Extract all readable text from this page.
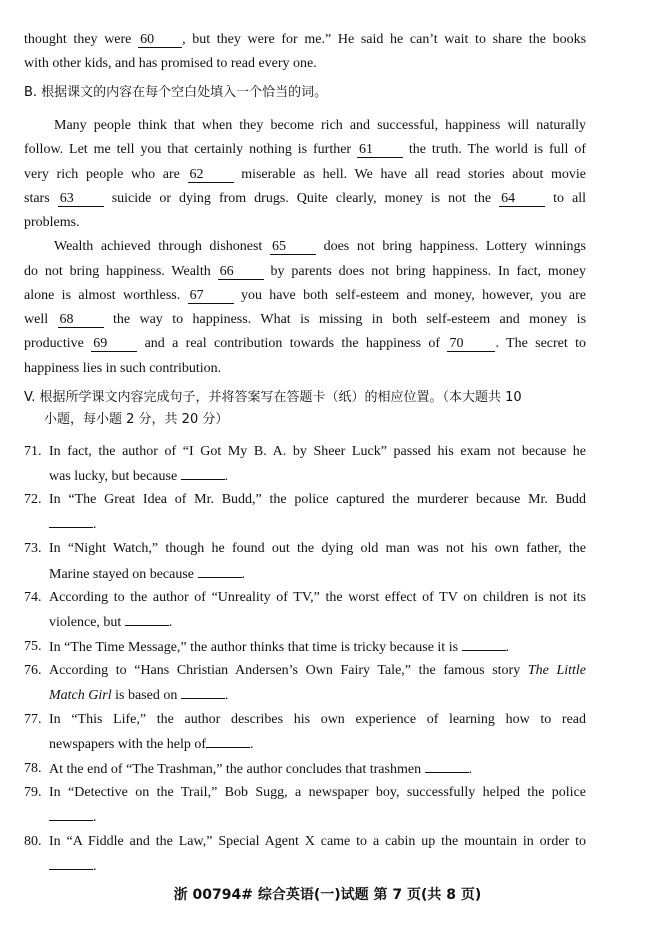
thought they were 60 , but they were for me.” He said he can’t wait to share the books
with other kids, and has promised to read every one.
B. 根据课文的内容在每个空白处填入一个恰当的词。
Many people think that when they become rich and successful, happiness will naturally
follow. Let me tell you that certainly nothing is further 61	the truth. The world is full of
very rich people who are 62	miserable as hell. We have all read stories about movie
stars 63	suicide or dying from drugs. Quite clearly, money is not the 64	to all
problems.
Wealth achieved through dishonest 65	does not bring happiness. Lottery winnings
do not bring happiness. Wealth 66	by parents does not bring happiness. In fact, money
alone is almost worthless. 67	you have both self-esteem and money, however, you are
well 68	the way to happiness. What is missing in both self-esteem and money is
productive 69	and a real contribution towards the happiness of 70 . The secret to
happiness lies in such contribution.
V. 根据所学课文内容完成句子，并将答案写在答题卡（纸）的相应位置。（本大题共 10
小题，每小题 2 分，共 20 分）
71. In fact, the author of “I Got My B. A. by Sheer Luck” passed his exam not because he
was lucky, but because	.
72. In “The Great Idea of Mr. Budd,” the police captured the murderer because Mr. Budd
.
73. In “Night Watch,” though he found out the dying old man was not his own father, the
Marine stayed on because	.
74. According to the author of “Unreality of TV,” the worst effect of TV on children is not its
violence, but	.
75. In “The Time Message,” the author thinks that time is tricky because it is	.
76. According to “Hans Christian Andersen’s Own Fairy Tale,” the famous story The Little
Match Girl is based on	.
77. In “This Life,” the author describes his own experience of learning how to read
newspapers with the help of	.
78. At the end of “The Trashman,” the author concludes that trashmen	.
79. In “Detective on the Trail,” Bob Sugg, a newspaper boy, successfully helped the police
.
80. In “A Fiddle and the Law,” Special Agent X came to a cabin up the mountain in order to
.
浙 00794# 综合英语(一)试题 第 7 页(共 8 页)
